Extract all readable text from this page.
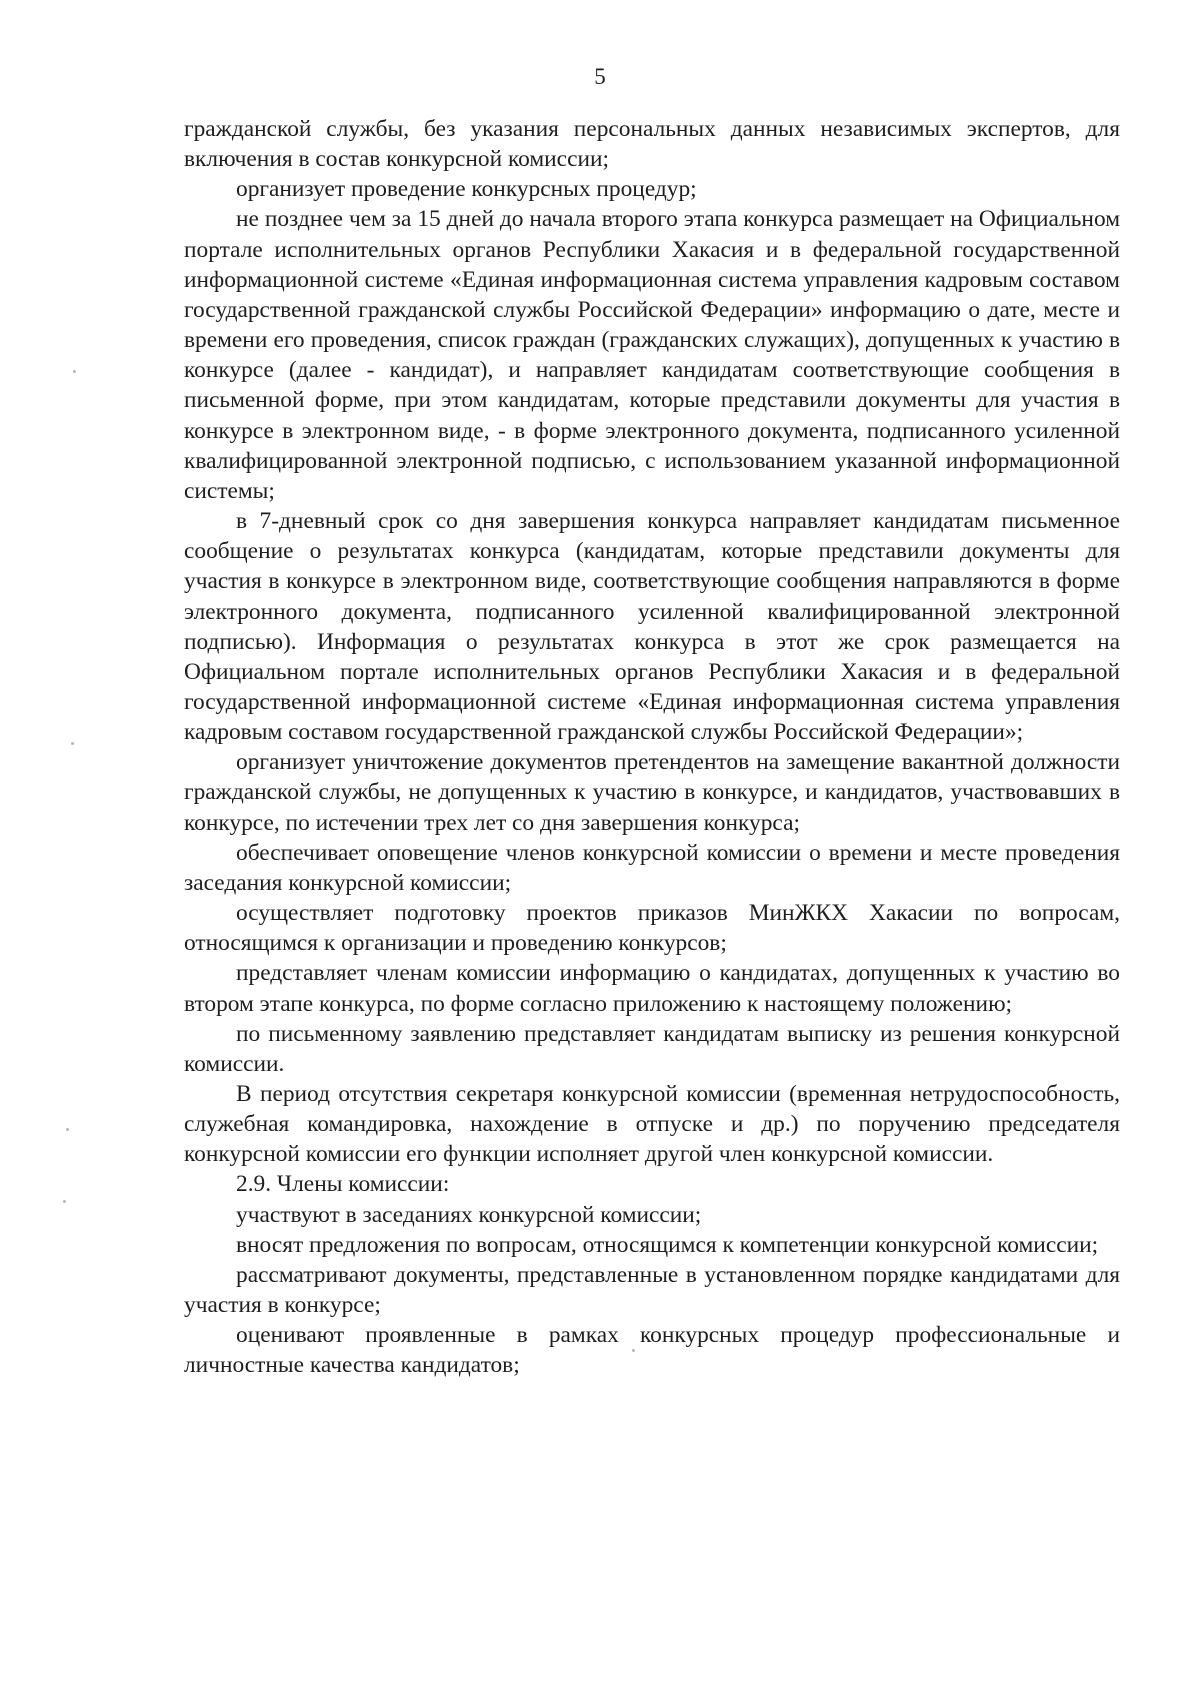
5

гражданской службы, без указания персональных данных независимых экспертов, для включения в состав конкурсной комиссии;

организует проведение конкурсных процедур;

не позднее чем за 15 дней до начала второго этапа конкурса размещает на Официальном портале исполнительных органов Республики Хакасия и в федеральной государственной информационной системе «Единая информационная система управления кадровым составом государственной гражданской службы Российской Федерации» информацию о дате, месте и времени его проведения, список граждан (гражданских служащих), допущенных к участию в конкурсе (далее - кандидат), и направляет кандидатам соответствующие сообщения в письменной форме, при этом кандидатам, которые представили документы для участия в конкурсе в электронном виде, - в форме электронного документа, подписанного усиленной квалифицированной электронной подписью, с использованием указанной информационной системы;

в 7-дневный срок со дня завершения конкурса направляет кандидатам письменное сообщение о результатах конкурса (кандидатам, которые представили документы для участия в конкурсе в электронном виде, соответствующие сообщения направляются в форме электронного документа, подписанного усиленной квалифицированной электронной подписью). Информация о результатах конкурса в этот же срок размещается на Официальном портале исполнительных органов Республики Хакасия и в федеральной государственной информационной системе «Единая информационная система управления кадровым составом государственной гражданской службы Российской Федерации»;

организует уничтожение документов претендентов на замещение вакантной должности гражданской службы, не допущенных к участию в конкурсе, и кандидатов, участвовавших в конкурсе, по истечении трех лет со дня завершения конкурса;

обеспечивает оповещение членов конкурсной комиссии о времени и месте проведения заседания конкурсной комиссии;

осуществляет подготовку проектов приказов МинЖКХ Хакасии по вопросам, относящимся к организации и проведению конкурсов;

представляет членам комиссии информацию о кандидатах, допущенных к участию во втором этапе конкурса, по форме согласно приложению к настоящему положению;

по письменному заявлению представляет кандидатам выписку из решения конкурсной комиссии.

В период отсутствия секретаря конкурсной комиссии (временная нетрудоспособность, служебная командировка, нахождение в отпуске и др.) по поручению председателя конкурсной комиссии его функции исполняет другой член конкурсной комиссии.

2.9. Члены комиссии:

участвуют в заседаниях конкурсной комиссии;

вносят предложения по вопросам, относящимся к компетенции конкурсной комиссии;

рассматривают документы, представленные в установленном порядке кандидатами для участия в конкурсе;

оценивают проявленные в рамках конкурсных процедур профессиональные и личностные качества кандидатов;
